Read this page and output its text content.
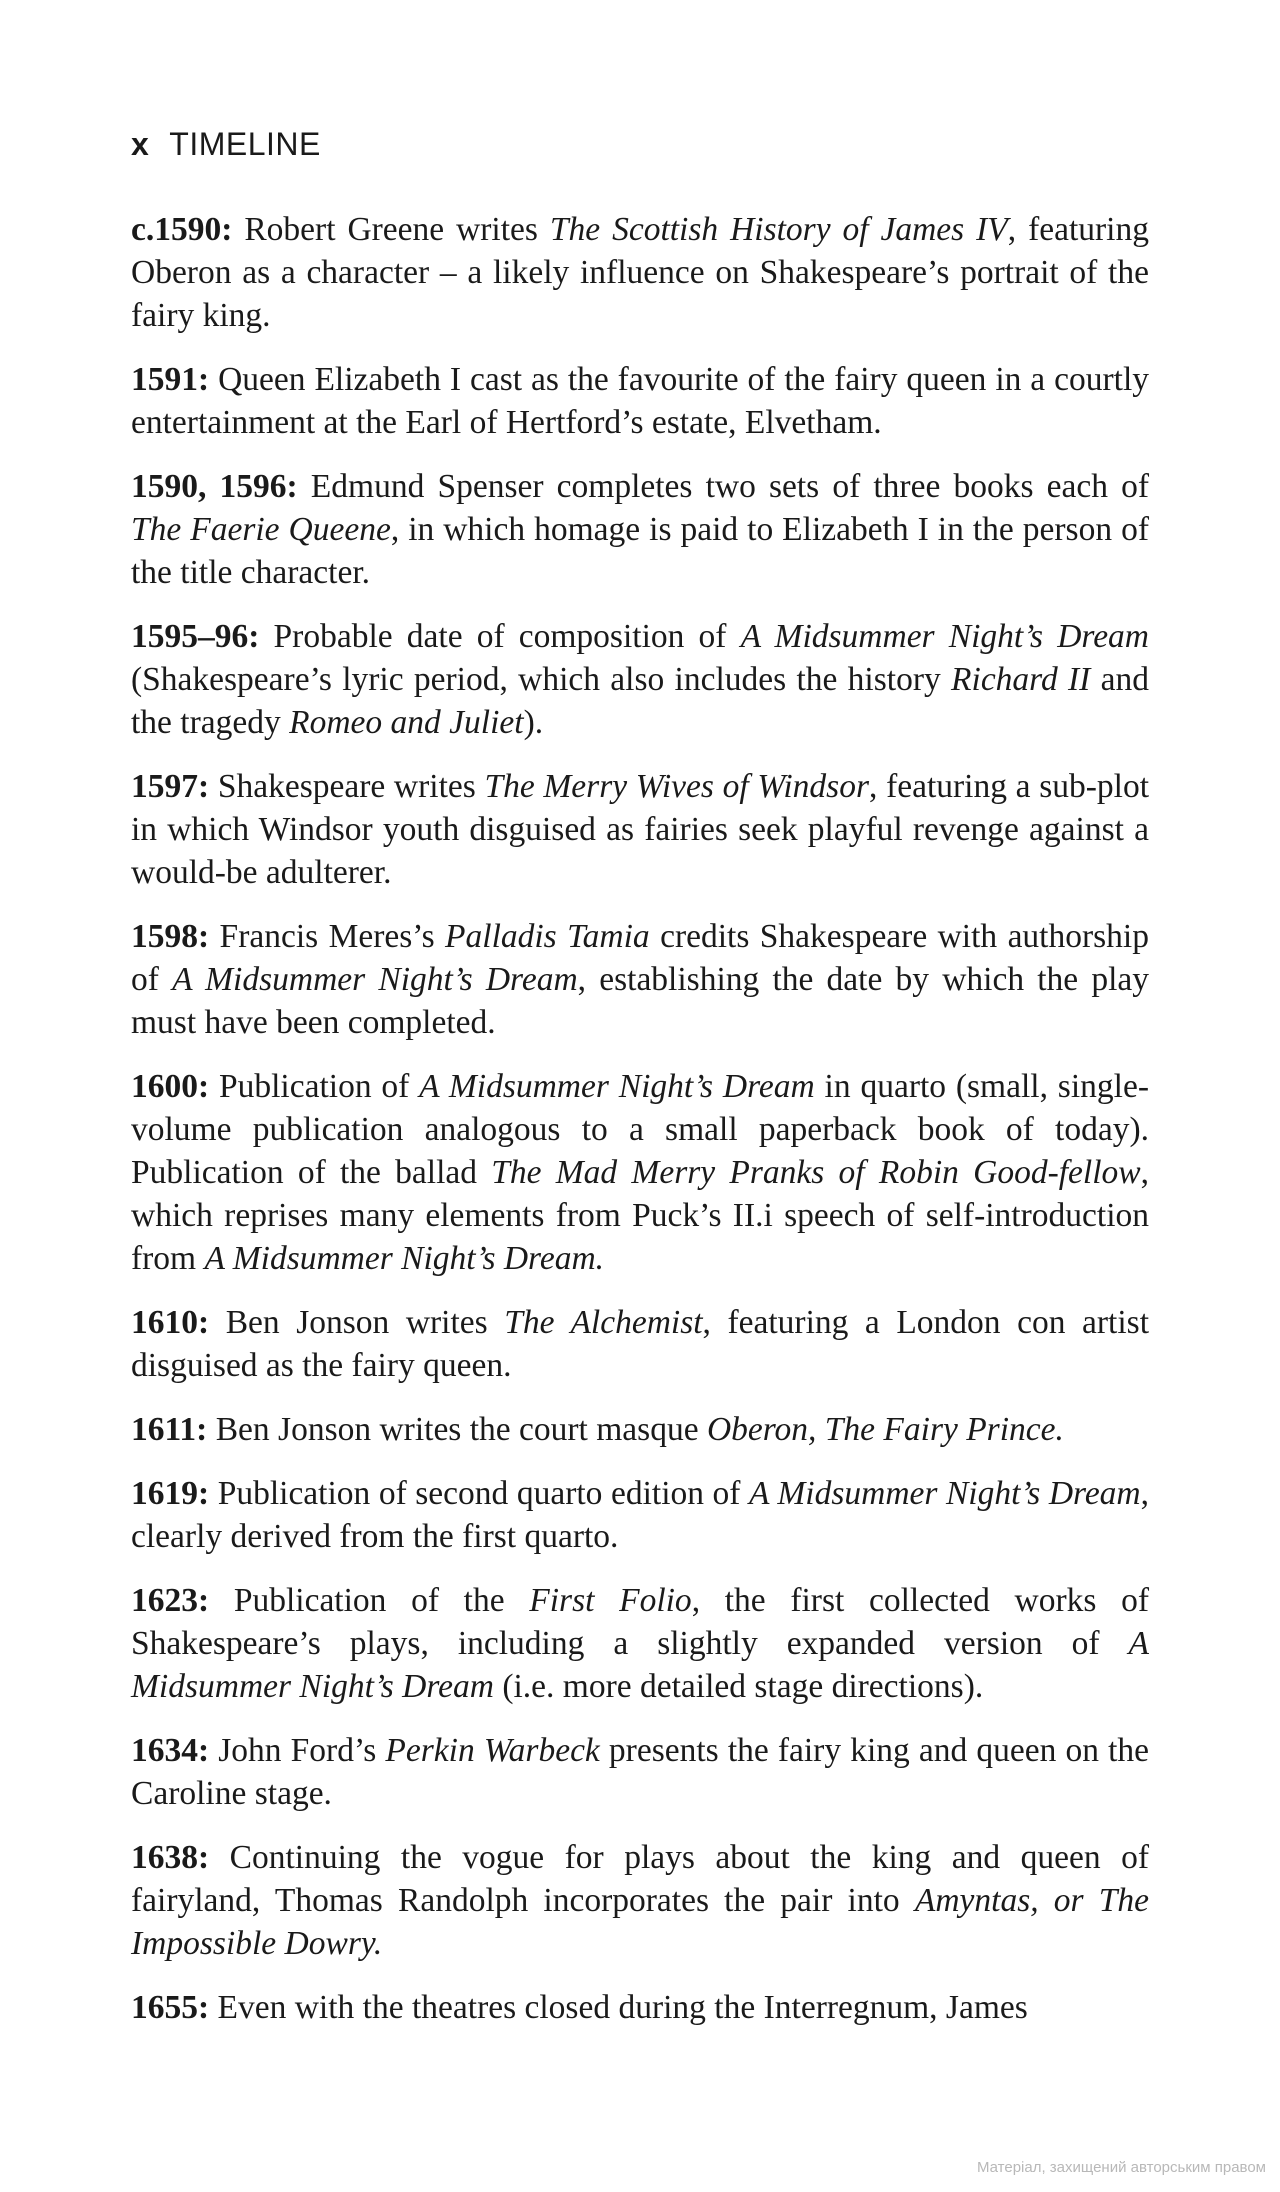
x TIMELINE

c.1590: Robert Greene writes The Scottish History of James IV, featuring Oberon as a character – a likely influence on Shakespeare’s portrait of the fairy king.

1591: Queen Elizabeth I cast as the favourite of the fairy queen in a courtly entertainment at the Earl of Hertford’s estate, Elvetham.

1590, 1596: Edmund Spenser completes two sets of three books each of The Faerie Queene, in which homage is paid to Elizabeth I in the person of the title character.

1595–96: Probable date of composition of A Midsummer Night’s Dream (Shakespeare’s lyric period, which also includes the history Richard II and the tragedy Romeo and Juliet).

1597: Shakespeare writes The Merry Wives of Windsor, featuring a sub-plot in which Windsor youth disguised as fairies seek playful revenge against a would-be adulterer.

1598: Francis Meres’s Palladis Tamia credits Shakespeare with authorship of A Midsummer Night’s Dream, establishing the date by which the play must have been completed.

1600: Publication of A Midsummer Night’s Dream in quarto (small, single-volume publication analogous to a small paperback book of today). Publication of the ballad The Mad Merry Pranks of Robin Good-fellow, which reprises many elements from Puck’s II.i speech of self-introduction from A Midsummer Night’s Dream.

1610: Ben Jonson writes The Alchemist, featuring a London con artist disguised as the fairy queen.

1611: Ben Jonson writes the court masque Oberon, The Fairy Prince.

1619: Publication of second quarto edition of A Midsummer Night’s Dream, clearly derived from the first quarto.

1623: Publication of the First Folio, the first collected works of Shakespeare’s plays, including a slightly expanded version of A Midsummer Night’s Dream (i.e. more detailed stage directions).

1634: John Ford’s Perkin Warbeck presents the fairy king and queen on the Caroline stage.

1638: Continuing the vogue for plays about the king and queen of fairyland, Thomas Randolph incorporates the pair into Amyntas, or The Impossible Dowry.

1655: Even with the theatres closed during the Interregnum, James

Матеріал, захищений авторським правом
